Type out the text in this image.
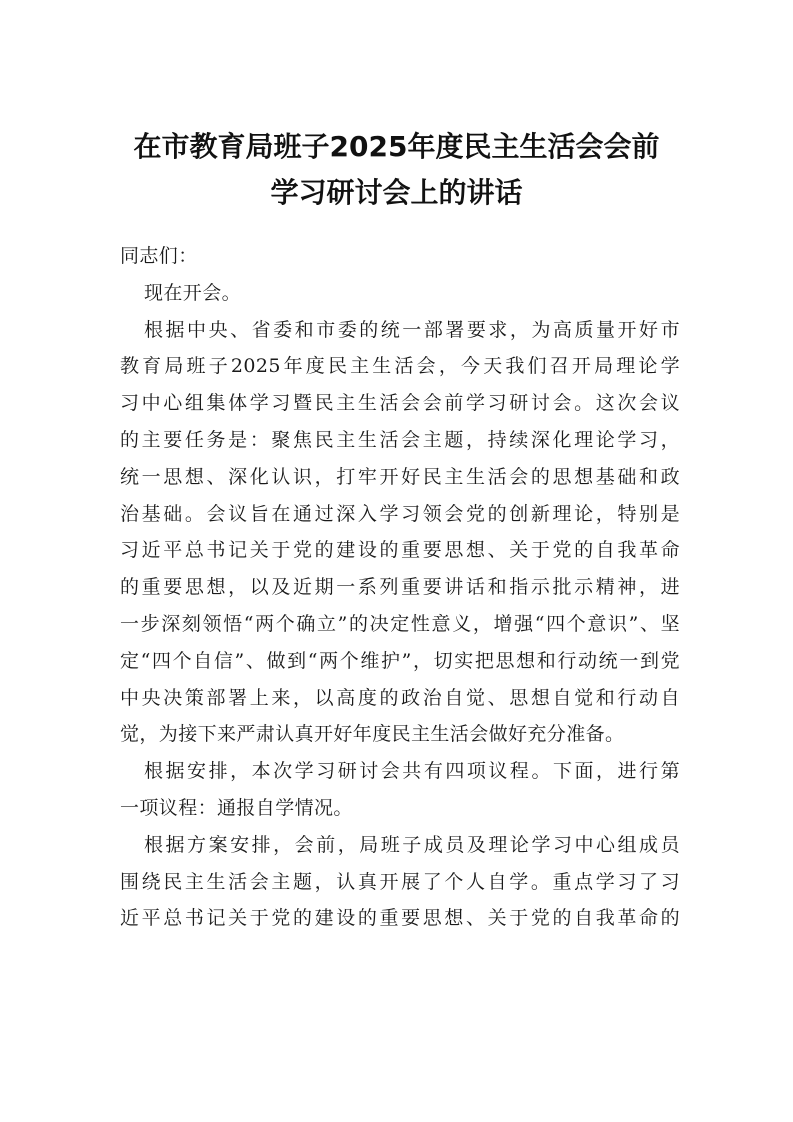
在市教育局班子2025年度民主生活会会前
学习研讨会上的讲话
同志们：
现在开会。
根据中央、省委和市委的统一部署要求，为高质量开好市
教育局班子2025年度民主生活会，今天我们召开局理论学
习中心组集体学习暨民主生活会会前学习研讨会。这次会议
的主要任务是：聚焦民主生活会主题，持续深化理论学习，
统一思想、深化认识，打牢开好民主生活会的思想基础和政
治基础。会议旨在通过深入学习领会党的创新理论，特别是
习近平总书记关于党的建设的重要思想、关于党的自我革命
的重要思想，以及近期一系列重要讲话和指示批示精神，进
一步深刻领悟“两个确立”的决定性意义，增强“四个意识”、坚
定“四个自信”、做到“两个维护”，切实把思想和行动统一到党
中央决策部署上来，以高度的政治自觉、思想自觉和行动自
觉，为接下来严肃认真开好年度民主生活会做好充分准备。
根据安排，本次学习研讨会共有四项议程。下面，进行第
一项议程：通报自学情况。
根据方案安排，会前，局班子成员及理论学习中心组成员
围绕民主生活会主题，认真开展了个人自学。重点学习了习
近平总书记关于党的建设的重要思想、关于党的自我革命的
